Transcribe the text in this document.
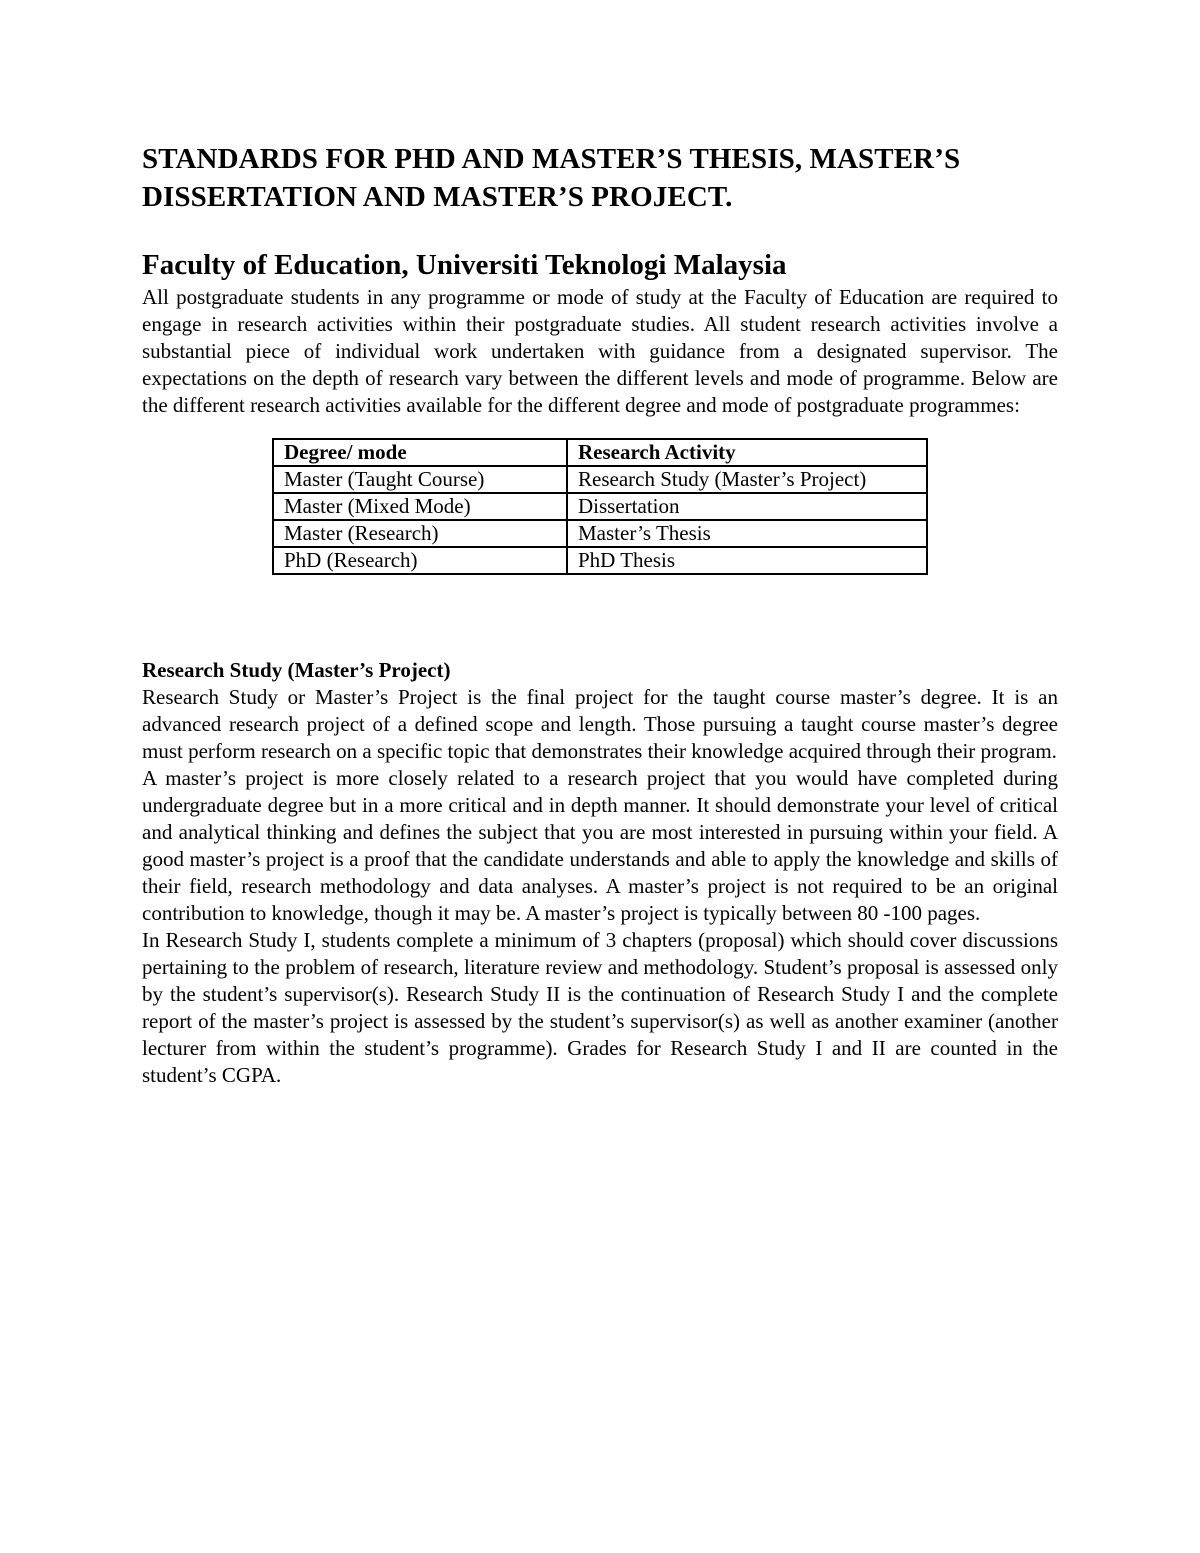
STANDARDS FOR PHD AND MASTER’S THESIS, MASTER’S DISSERTATION AND MASTER’S PROJECT.
Faculty of Education, Universiti Teknologi Malaysia

All postgraduate students in any programme or mode of study at the Faculty of Education are required to engage in research activities within their postgraduate studies. All student research activities involve a substantial piece of individual work undertaken with guidance from a designated supervisor. The expectations on the depth of research vary between the different levels and mode of programme. Below are the different research activities available for the different degree and mode of postgraduate programmes:

Degree/ mode	Research Activity
Master (Taught Course)	Research Study (Master’s Project)
Master (Mixed Mode)	Dissertation
Master (Research)	Master’s Thesis
PhD (Research)	PhD Thesis
Research Study (Master’s Project)

Research Study or Master’s Project is the final project for the taught course master’s degree. It is an advanced research project of a defined scope and length. Those pursuing a taught course master’s degree must perform research on a specific topic that demonstrates their knowledge acquired through their program.

A master’s project is more closely related to a research project that you would have completed during undergraduate degree but in a more critical and in depth manner. It should demonstrate your level of critical and analytical thinking and defines the subject that you are most interested in pursuing within your field. A good master’s project is a proof that the candidate understands and able to apply the knowledge and skills of their field, research methodology and data analyses. A master’s project is not required to be an original contribution to knowledge, though it may be. A master’s project is typically between 80 -100 pages.

In Research Study I, students complete a minimum of 3 chapters (proposal) which should cover discussions pertaining to the problem of research, literature review and methodology. Student’s proposal is assessed only by the student’s supervisor(s). Research Study II is the continuation of Research Study I and the complete report of the master’s project is assessed by the student’s supervisor(s) as well as another examiner (another lecturer from within the student’s programme). Grades for Research Study I and II are counted in the student’s CGPA.
